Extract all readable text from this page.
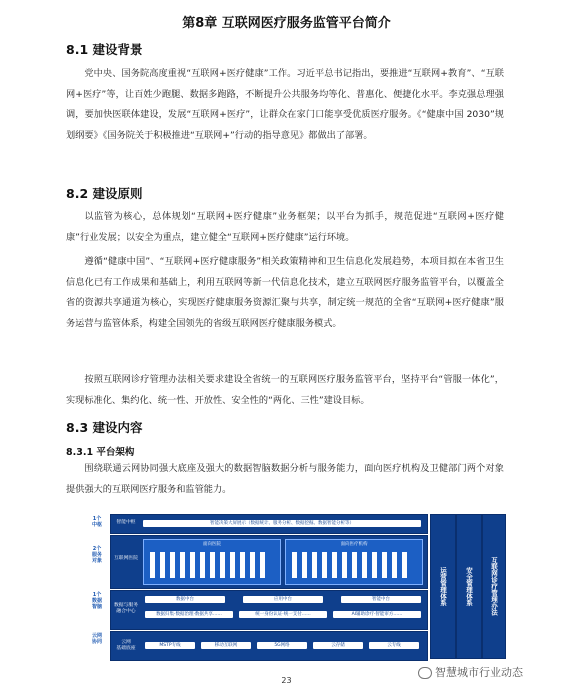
第8章 互联网医疗服务监管平台简介
8.1 建设背景

党中央、国务院高度重视“互联网+医疗健康”工作。习近平总书记指出，要推进“互联网+教育”、“互联网+医疗”等，让百姓少跑腿、数据多跑路，不断提升公共服务均等化、普惠化、便捷化水平。李克强总理强调，要加快医联体建设，发展“互联网+医疗”，让群众在家门口能享受优质医疗服务。《“健康中国 2030”规划纲要》《国务院关于积极推进“互联网+”行动的指导意见》都做出了部署。

8.2 建设原则

以监管为核心，总体规划“互联网+医疗健康”业务框架；以平台为抓手，规范促进“互联网+医疗健康”行业发展；以安全为重点，建立健全“互联网+医疗健康”运行环境。

遵循“健康中国”、“互联网+医疗健康服务”相关政策精神和卫生信息化发展趋势，本项目拟在本省卫生信息化已有工作成果和基础上，利用互联网等新一代信息化技术，建立互联网医疗服务监管平台，以覆盖全省的资源共享通道为核心，实现医疗健康服务资源汇聚与共享，制定统一规范的全省“互联网+医疗健康”服务运营与监管体系，构建全国领先的省级互联网医疗健康服务模式。

按照互联网诊疗管理办法相关要求建设全省统一的互联网医疗服务监管平台，坚持平台“管服一体化”，实现标准化、集约化、统一性、开放性、安全性的“两化、三性”建设目标。

8.3 建设内容
8.3.1 平台架构

围绕联通云网协同强大底座及强大的数据智脑数据分析与服务能力，面向医疗机构及卫健部门两个对象提供强大的互联网医疗服务和监管能力。

1个
中枢
2个
服务
对象
1个
数据
智脑
云网
协同
智能中枢	智能决策大屏展示（数据统计、服务分析、数据挖掘、数据智能分析等）
互联网医院
面向医院	面向医疗机构
数据与服务
融合中心
数据中台	应用中台	智能中台
数据归集·数据治理·数据共享……	统一身份认证·统一支付……	AI辅助诊疗·智能审方……
云网
基础底座
MSTP专线	移动互联网	5G网络	云存储	云专线
运营管理体系	安全管理体系	互联网诊疗管理办法
智慧城市行业动态
23
